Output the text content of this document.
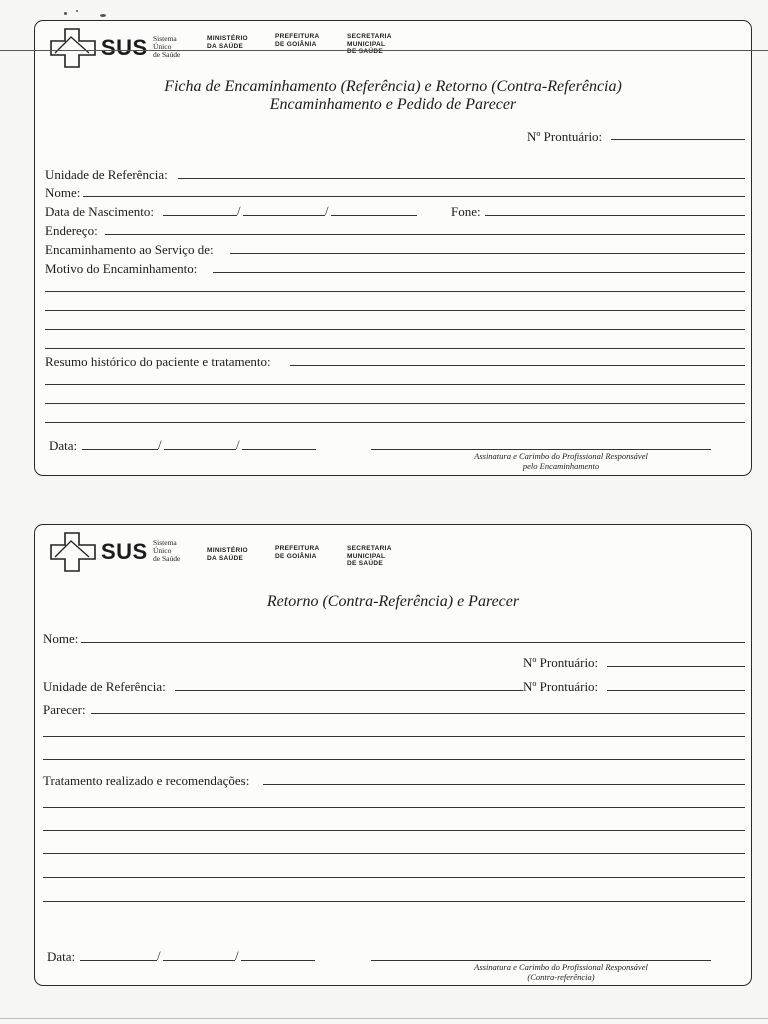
SUS Sistema
Único
de Saúde
MINISTÉRIO
DA SAÚDE
PREFEITURA
DE GOIÂNIA
SECRETARIA
MUNICIPAL
DE SAÚDE
Ficha de Encaminhamento (Referência) e Retorno (Contra-Referência)
Encaminhamento e Pedido de Parecer
Nº Prontuário:
Unidade de Referência:
Nome:
Data de Nascimento:	/	/	Fone:
Endereço:
Encaminhamento ao Serviço de:
Motivo do Encaminhamento:
Resumo histórico do paciente e tratamento:
Data:	/	/
Assinatura e Carimbo do Profissional Responsável
pelo Encaminhamento
SUS Sistema
Único
de Saúde
MINISTÉRIO
DA SAÚDE
PREFEITURA
DE GOIÂNIA
SECRETARIA
MUNICIPAL
DE SAÚDE
Retorno (Contra-Referência) e Parecer
Nome:
Nº Prontuário:
Unidade de Referência:	Nº Prontuário:
Parecer:
Tratamento realizado e recomendações:
Data:	/	/
Assinatura e Carimbo do Profissional Responsável
(Contra-referência)
